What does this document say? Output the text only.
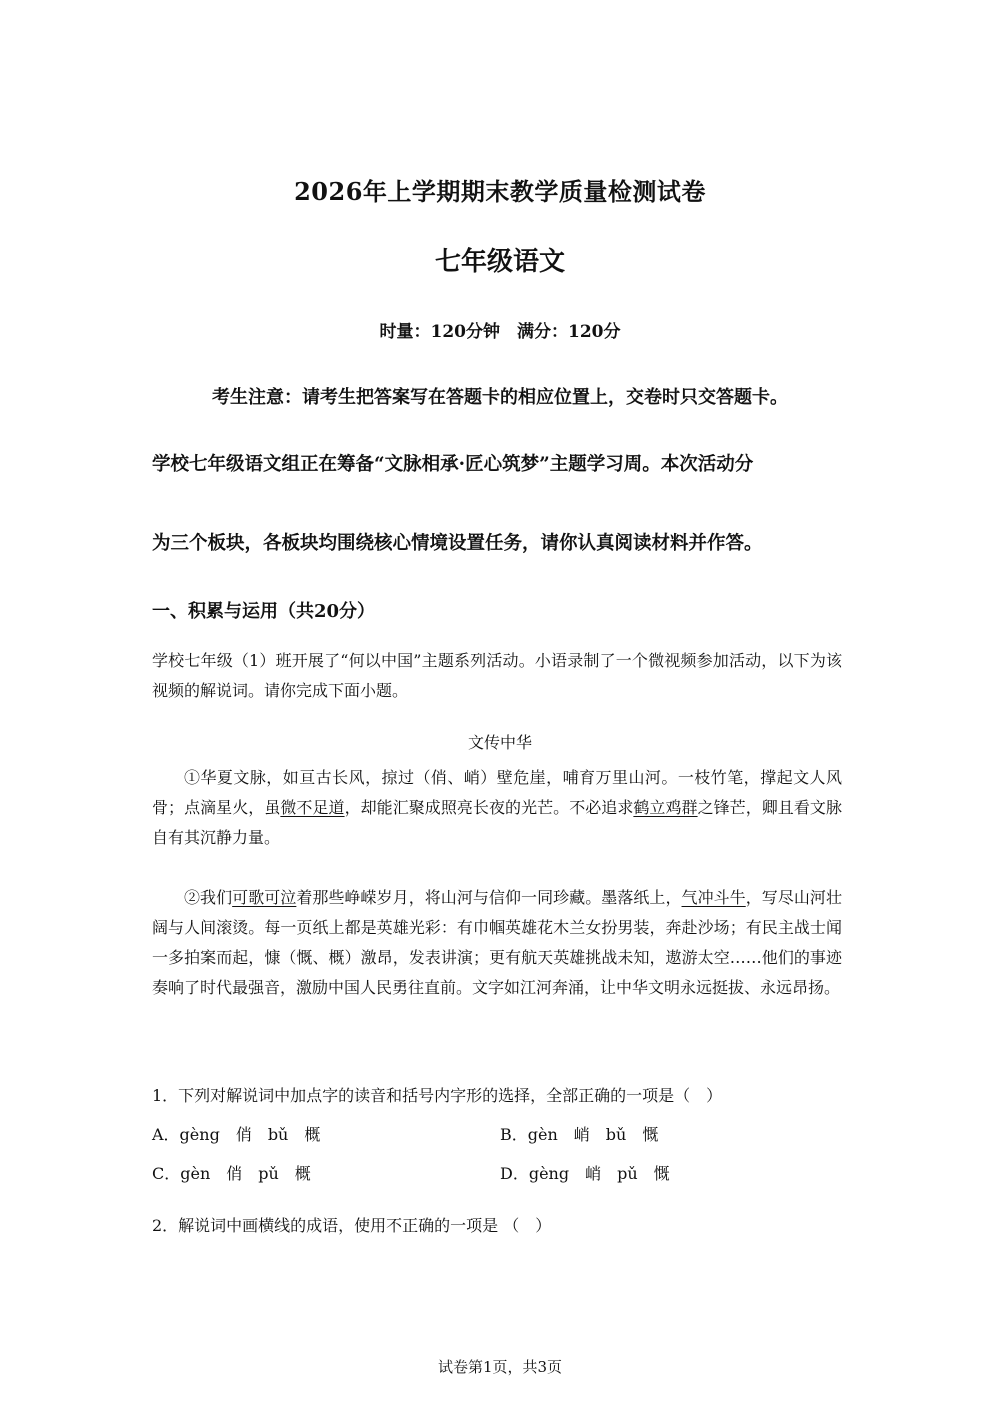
2026年上学期期末教学质量检测试卷
七年级语文
时量：120分钟　满分：120分
考生注意：请考生把答案写在答题卡的相应位置上，交卷时只交答题卡。
学校七年级语文组正在筹备“文脉相承·匠心筑梦”主题学习周。本次活动分
为三个板块，各板块均围绕核心情境设置任务，请你认真阅读材料并作答。
一、积累与运用（共20分）
学校七年级（1）班开展了“何以中国”主题系列活动。小语录制了一个微视频参加活动，以下为该视频的解说词。请你完成下面小题。
文传中华
①华夏文脉，如亘古长风，掠过（俏、峭）壁危崖，哺育万里山河。一枝竹笔，撑起文人风骨；点滴星火，虽微不足道，却能汇聚成照亮长夜的光芒。不必追求鹤立鸡群之锋芒，卿且看文脉自有其沉静力量。
②我们可歌可泣着那些峥嵘岁月，将山河与信仰一同珍藏。墨落纸上，气冲斗牛，写尽山河壮阔与人间滚烫。每一页纸上都是英雄光彩：有巾帼英雄花木兰女扮男装，奔赴沙场；有民主战士闻一多拍案而起，慷（慨、概）激昂，发表讲演；更有航天英雄挑战未知，遨游太空……他们的事迹奏响了时代最强音，激励中国人民勇往直前。文字如江河奔涌，让中华文明永远挺拔、永远昂扬。
1．下列对解说词中加点字的读音和括号内字形的选择，全部正确的一项是（　）
A．gèng　俏　bǔ　概	B．gèn　峭　bǔ　慨
C．gèn　俏　pǔ　概	D．gèng　峭　pǔ　慨
2．解说词中画横线的成语，使用不正确的一项是 （　）
试卷第1页，共3页
